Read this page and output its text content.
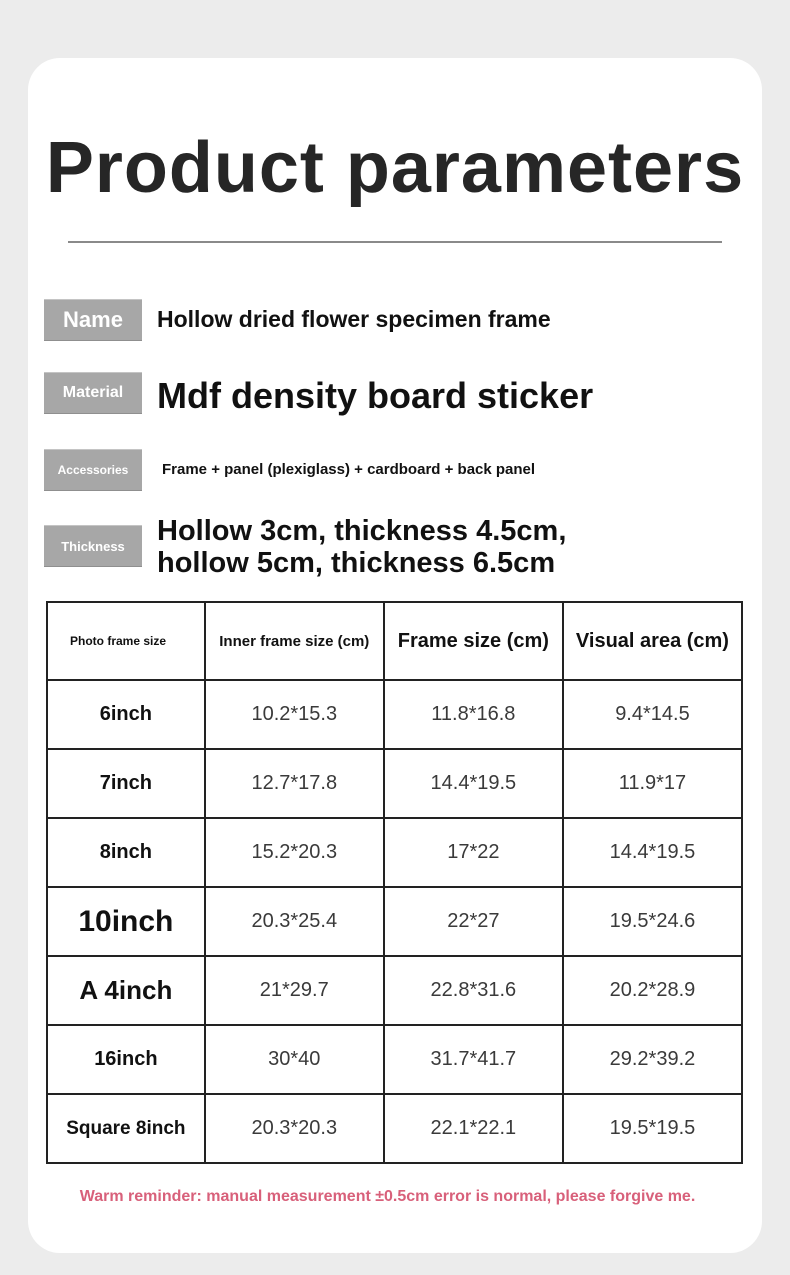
Product parameters
Name	Hollow dried flower specimen frame
Material Mdf density board sticker
Accessories	Frame + panel (plexiglass) + cardboard + back panel
Thickness	Hollow 3cm, thickness 4.5cm,
hollow 5cm, thickness 6.5cm
Photo frame size	Inner frame size (cm)	Frame size (cm)	Visual area (cm)
6inch	10.2*15.3	11.8*16.8	9.4*14.5
7inch	12.7*17.8	14.4*19.5	11.9*17
8inch	15.2*20.3	17*22	14.4*19.5
10inch	20.3*25.4	22*27	19.5*24.6
A 4inch	21*29.7	22.8*31.6	20.2*28.9
16inch	30*40	31.7*41.7	29.2*39.2
Square 8inch	20.3*20.3	22.1*22.1	19.5*19.5
Warm reminder: manual measurement ±0.5cm error is normal, please forgive me.
